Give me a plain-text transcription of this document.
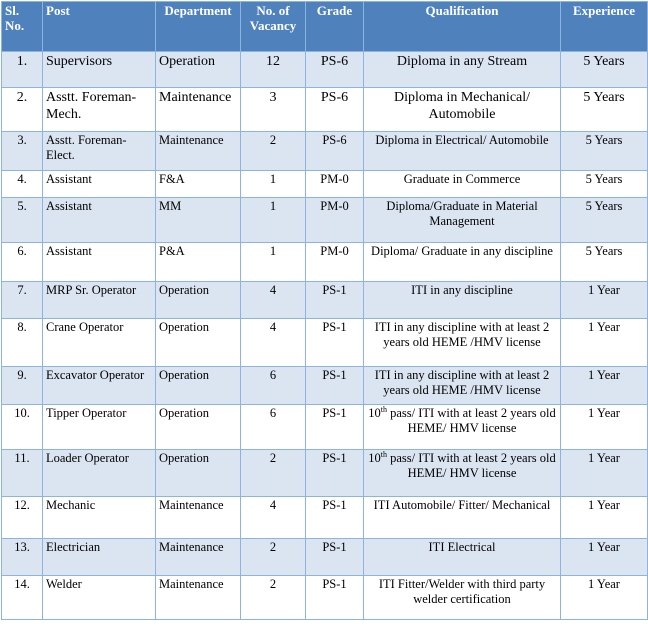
Sl. No.	Post	Department	No. of Vacancy	Grade	Qualification	Experience
1.	Supervisors	Operation	12	PS-6	Diploma in any Stream	5 Years
2.	Asstt. Foreman-Mech.	Maintenance	3	PS-6	Diploma in Mechanical/ Automobile	5 Years
3.	Asstt. Foreman-Elect.	Maintenance	2	PS-6	Diploma in Electrical/ Automobile	5 Years
4.	Assistant	F&A	1	PM-0	Graduate in Commerce	5 Years
5.	Assistant	MM	1	PM-0	Diploma/Graduate in Material Management	5 Years
6.	Assistant	P&A	1	PM-0	Diploma/ Graduate in any discipline	5 Years
7.	MRP Sr. Operator	Operation	4	PS-1	ITI in any discipline	1 Year
8.	Crane Operator	Operation	4	PS-1	ITI in any discipline with at least 2 years old HEME /HMV license	1 Year
9.	Excavator Operator	Operation	6	PS-1	ITI in any discipline with at least 2 years old HEME /HMV license	1 Year
10.	Tipper Operator	Operation	6	PS-1	10th pass/ ITI with at least 2 years old HEME/ HMV license	1 Year
11.	Loader Operator	Operation	2	PS-1	10th pass/ ITI with at least 2 years old HEME/ HMV license	1 Year
12.	Mechanic	Maintenance	4	PS-1	ITI Automobile/ Fitter/ Mechanical	1 Year
13.	Electrician	Maintenance	2	PS-1	ITI Electrical	1 Year
14.	Welder	Maintenance	2	PS-1	ITI Fitter/Welder with third party welder certification	1 Year
